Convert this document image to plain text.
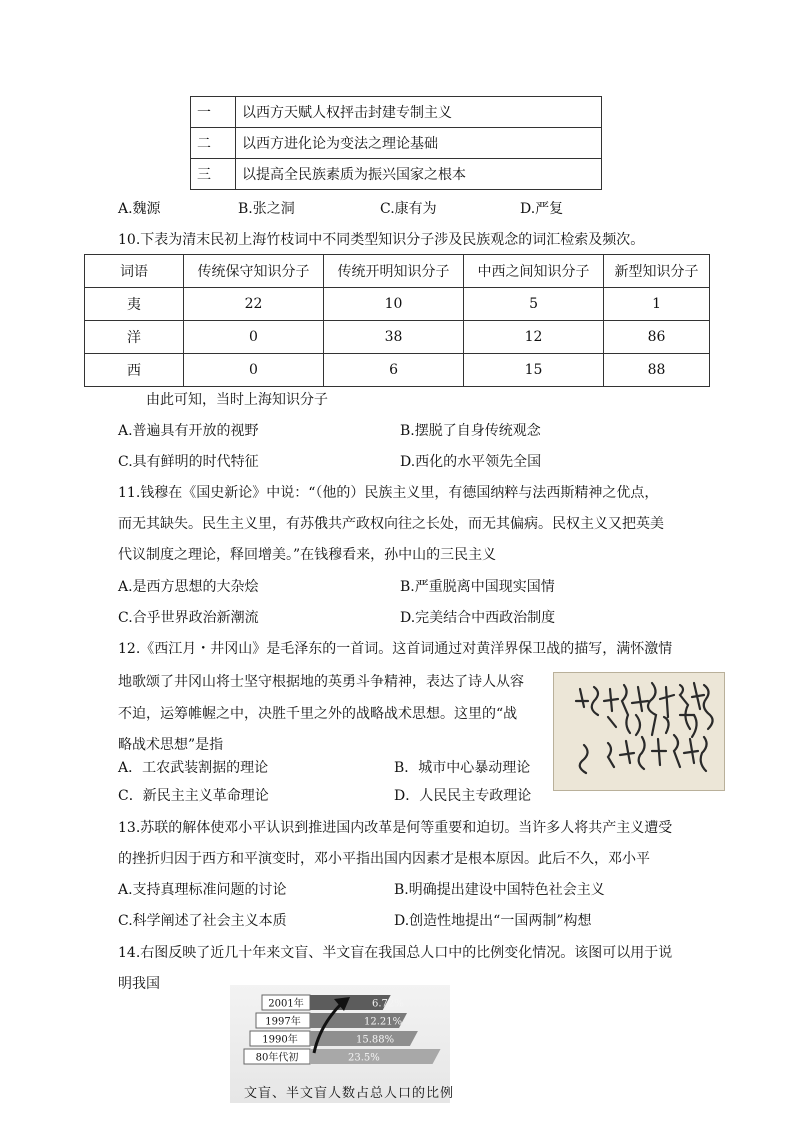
一	以西方天赋人权抨击封建专制主义
二	以西方进化论为变法之理论基础
三	以提高全民族素质为振兴国家之根本
A.魏源	B.张之洞	C.康有为	D.严复
10.下表为清末民初上海竹枝词中不同类型知识分子涉及民族观念的词汇检索及频次。
词语	传统保守知识分子	传统开明知识分子	中西之间知识分子	新型知识分子
夷	22	10	5	1
洋	0	38	12	86
西	0	6	15	88
由此可知，当时上海知识分子
A.普遍具有开放的视野	B.摆脱了自身传统观念
C.具有鲜明的时代特征	D.西化的水平领先全国
11.钱穆在《国史新论》中说：“（他的）民族主义里，有德国纳粹与法西斯精神之优点，
而无其缺失。民生主义里，有苏俄共产政权向往之长处，而无其偏病。民权主义又把英美
代议制度之理论，释回增美。”在钱穆看来，孙中山的三民主义
A.是西方思想的大杂烩	B.严重脱离中国现实国情
C.合乎世界政治新潮流	D.完美结合中西政治制度
12.《西江月・井冈山》是毛泽东的一首词。这首词通过对黄洋界保卫战的描写，满怀激情
地歌颂了井冈山将士坚守根据地的英勇斗争精神，表达了诗人从容
不迫，运筹帷幄之中，决胜千里之外的战略战术思想。这里的“战
略战术思想”是指
A．工农武装割据的理论	B．城市中心暴动理论
C．新民主主义革命理论	D．人民民主专政理论
13.苏联的解体使邓小平认识到推进国内改革是何等重要和迫切。当许多人将共产主义遭受
的挫折归因于西方和平演变时，邓小平指出国内因素才是根本原因。此后不久，邓小平
A.支持真理标准问题的讨论	B.明确提出建设中国特色社会主义
C.科学阐述了社会主义本质	D.创造性地提出“一国两制”构想
14.右图反映了近几十年来文盲、半文盲在我国总人口中的比例变化情况。该图可以用于说
明我国
2001年	6.72%
1997年	12.21%
1990年	15.88%
80年代初	23.5%
文盲、半文盲人数占总人口的比例
